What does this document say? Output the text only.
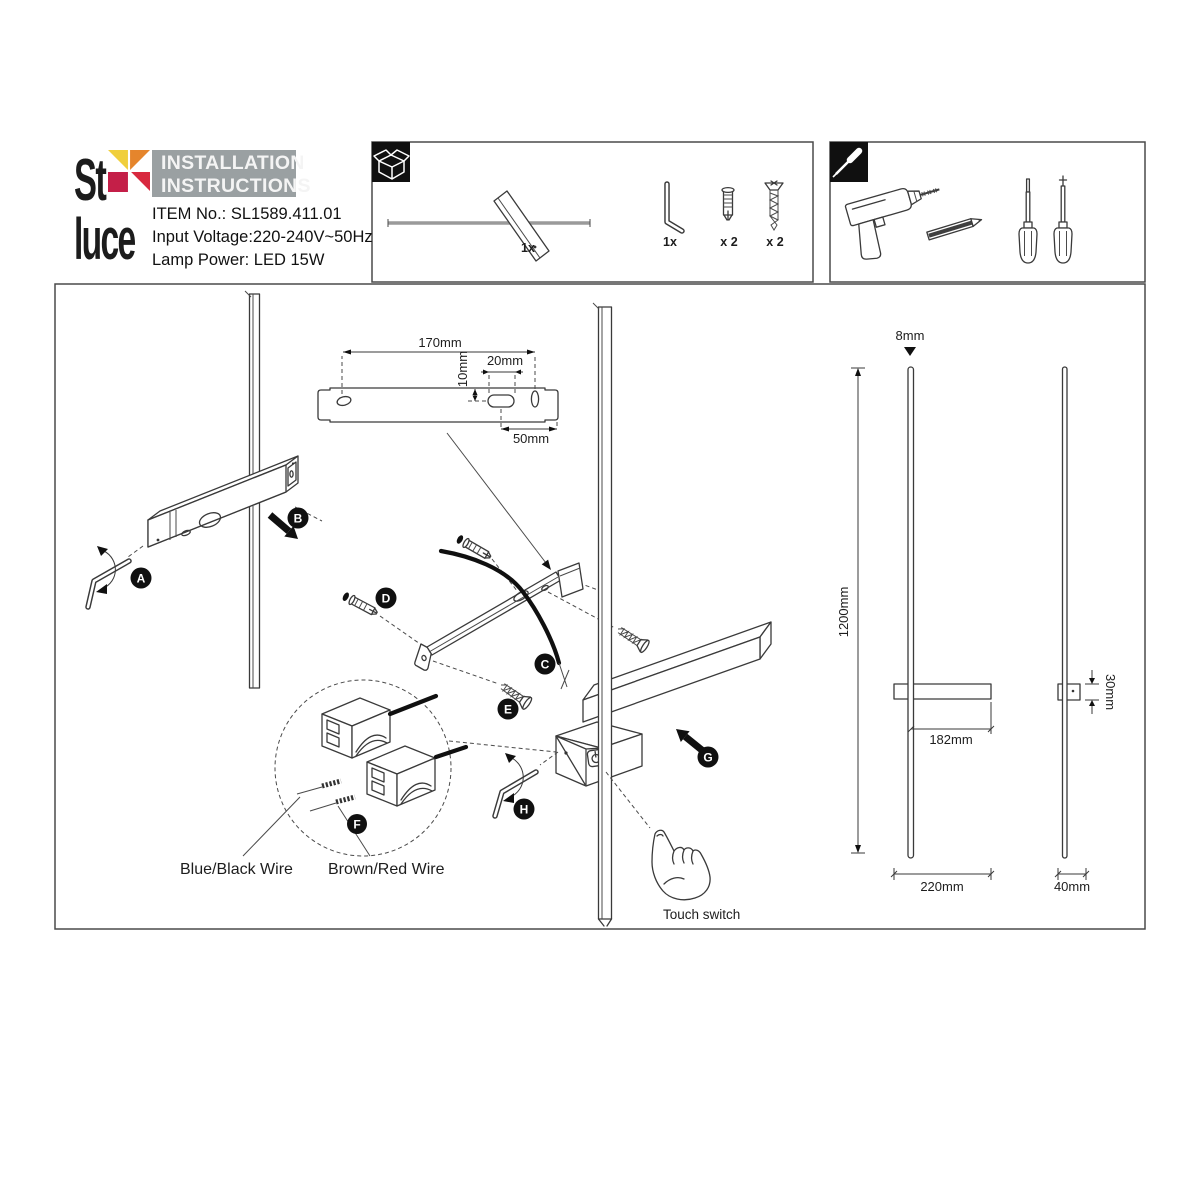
1x	1x	x 2 x 2
A
B
C
D
E
F
G
H
170mm
10mm 20mm
50mm
8mm
1200mm
182mm
220mm
30mm
40mm
Blue/Black Wire Brown/Red Wire
Touch switch
St
luce
INSTALLATION
INSTRUCTIONS
ITEM No.: SL1589.411.01
Input Voltage:220-240V~50Hz
Lamp Power: LED 15W
